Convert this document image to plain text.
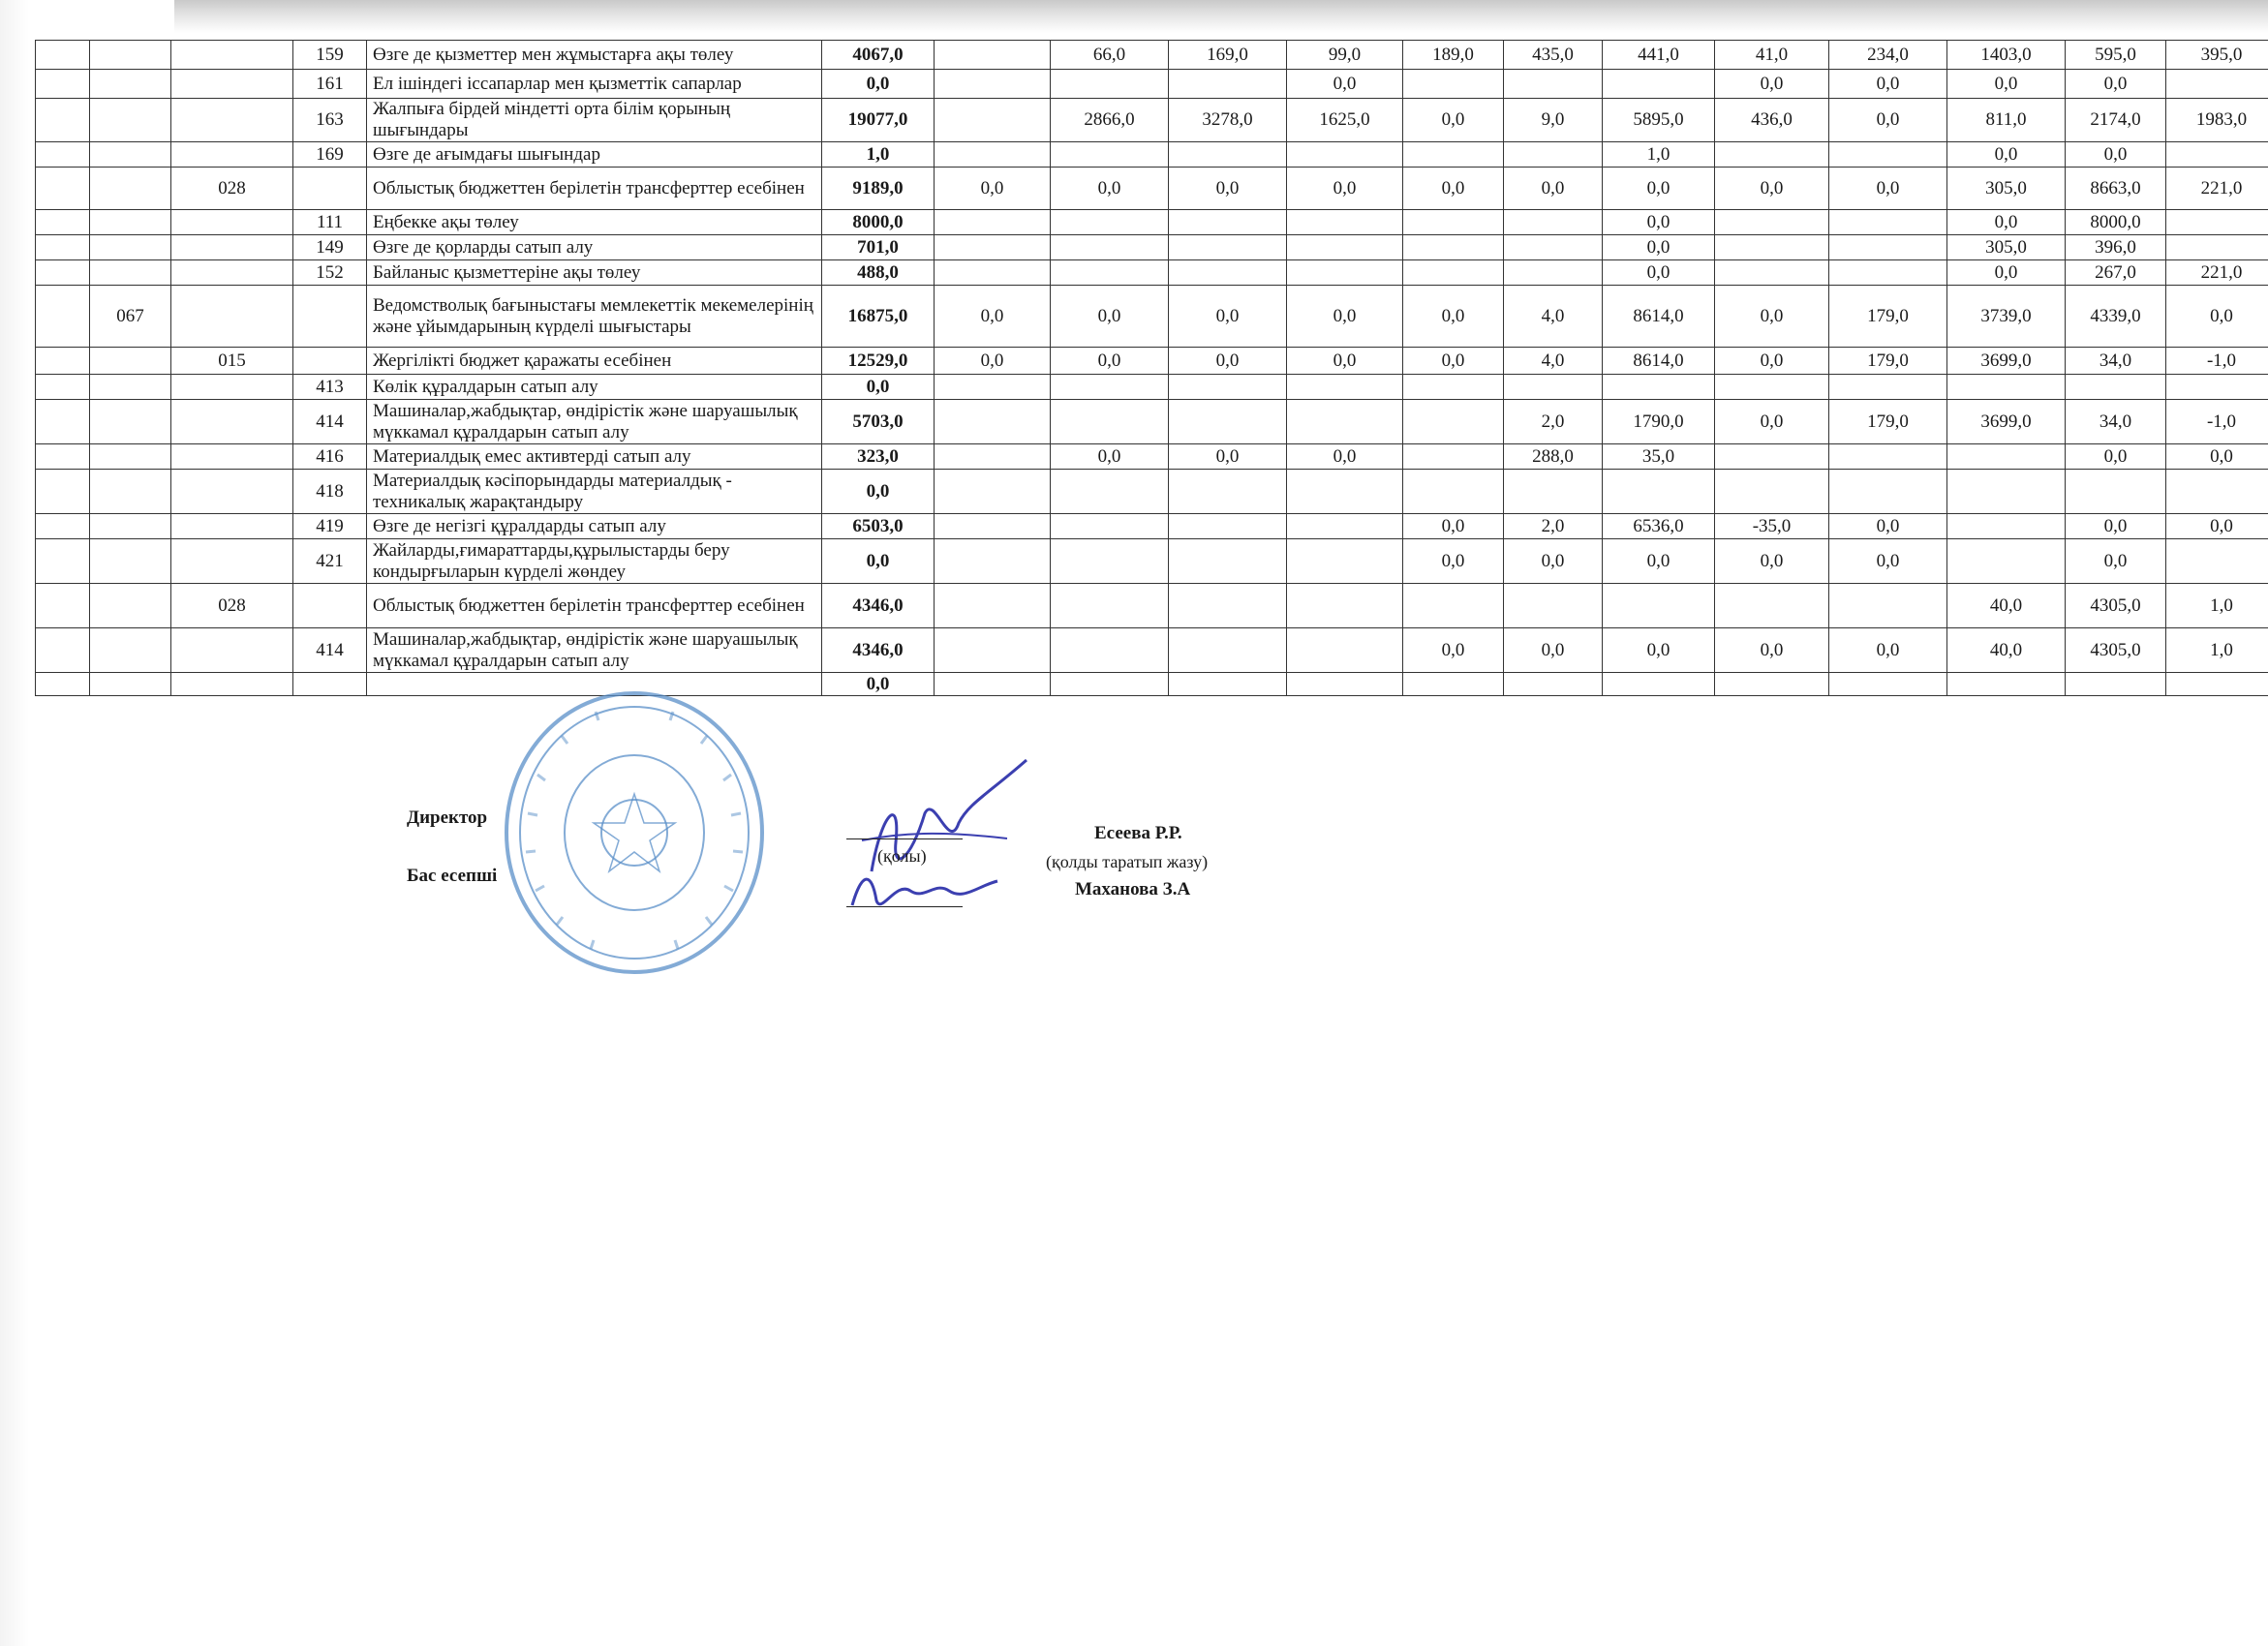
			159	Өзге де қызметтер мен жұмыстарға ақы төлеу	4067,0		66,0	169,0	99,0	189,0	435,0	441,0	41,0	234,0	1403,0	595,0	395,0
			161	Ел ішіндегі іссапарлар мен қызметтік сапарлар	0,0				0,0				0,0	0,0	0,0	0,0	
			163	Жалпыға бірдей міндетті орта білім қорының шығындары	19077,0		2866,0	3278,0	1625,0	0,0	9,0	5895,0	436,0	0,0	811,0	2174,0	1983,0
			169	Өзге де ағымдағы шығындар	1,0							1,0			0,0	0,0	
		028		Облыстық бюджеттен берілетін трансферттер есебінен	9189,0	0,0	0,0	0,0	0,0	0,0	0,0	0,0	0,0	0,0	305,0	8663,0	221,0
			111	Еңбекке ақы төлеу	8000,0							0,0			0,0	8000,0	
			149	Өзге де қорларды сатып алу	701,0							0,0			305,0	396,0	
			152	Байланыс қызметтеріне ақы төлеу	488,0							0,0			0,0	267,0	221,0
	067			Ведомстволық бағыныстағы мемлекеттік мекемелерінің және ұйымдарының күрделі шығыстары	16875,0	0,0	0,0	0,0	0,0	0,0	4,0	8614,0	0,0	179,0	3739,0	4339,0	0,0
		015		Жергілікті бюджет қаражаты есебінен	12529,0	0,0	0,0	0,0	0,0	0,0	4,0	8614,0	0,0	179,0	3699,0	34,0	-1,0
			413	Көлік құралдарын сатып алу	0,0												
			414	Машиналар,жабдықтар, өндірістік және шаруашылық мүккамал құралдарын сатып алу	5703,0						2,0	1790,0	0,0	179,0	3699,0	34,0	-1,0
			416	Материалдық емес активтерді сатып алу	323,0		0,0	0,0	0,0		288,0	35,0				0,0	0,0
			418	Материалдық кәсіпорындарды материалдық - техникалық жарақтандыру	0,0												
			419	Өзге де негізгі құралдарды сатып алу	6503,0					0,0	2,0	6536,0	-35,0	0,0		0,0	0,0
			421	Жайларды,ғимараттарды,құрылыстарды беру кондырғыларын күрделі жөндеу	0,0					0,0	0,0	0,0	0,0	0,0		0,0	
		028		Облыстық бюджеттен берілетін трансферттер есебінен	4346,0										40,0	4305,0	1,0
			414	Машиналар,жабдықтар, өндірістік және шаруашылық мүккамал құралдарын сатып алу	4346,0					0,0	0,0	0,0	0,0	0,0	40,0	4305,0	1,0
					0,0												
Директор
Бас есепші
(қолы)	(қолды таратып жазу)
Есеева Р.Р.
Маханова З.А
